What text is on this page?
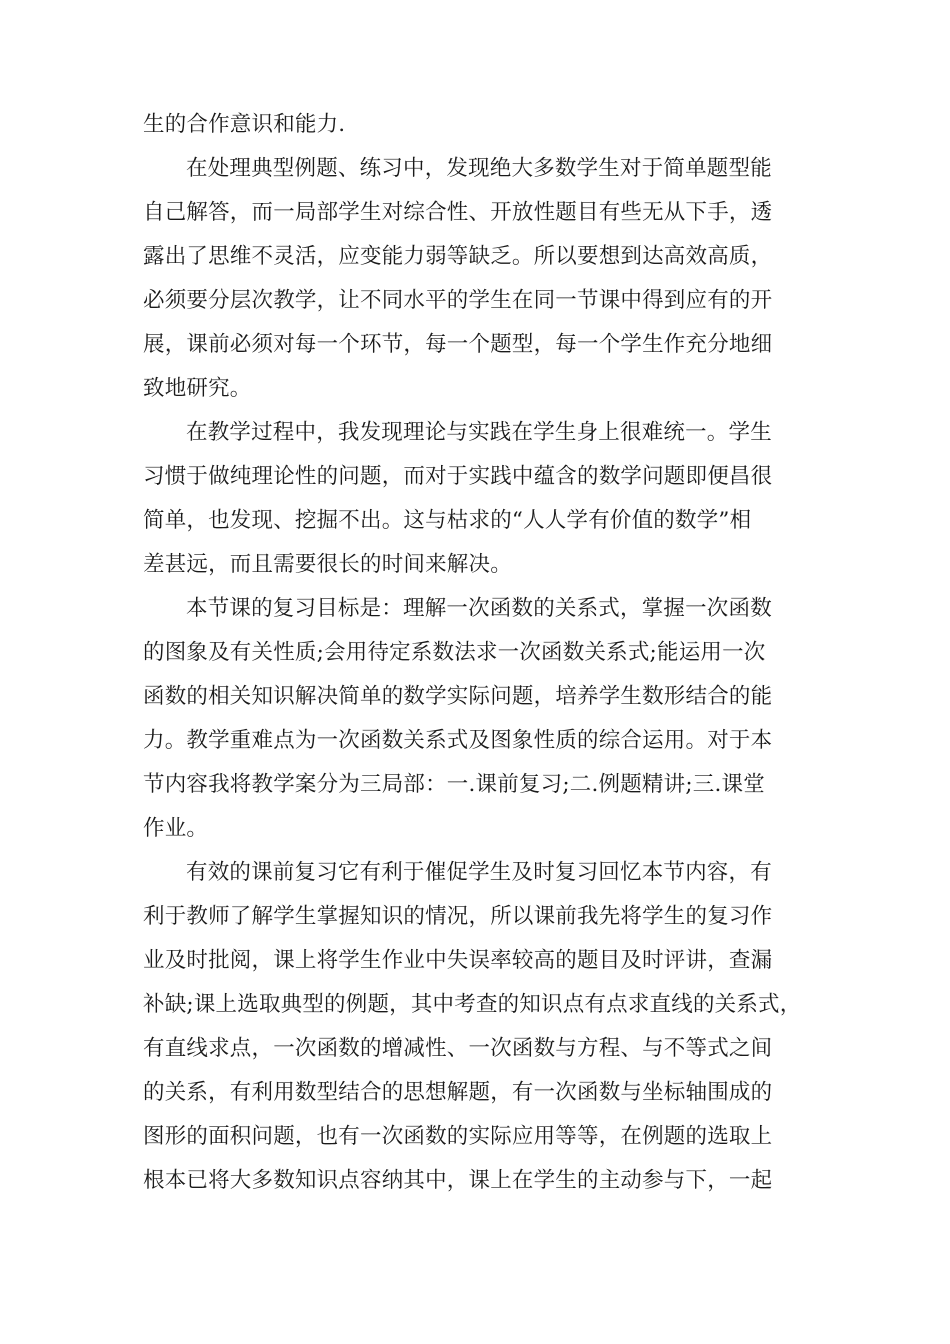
生的合作意识和能力.
在处理典型例题、练习中，发现绝大多数学生对于简单题型能
自己解答，而一局部学生对综合性、开放性题目有些无从下手，透
露出了思维不灵活，应变能力弱等缺乏。所以要想到达高效高质，
必须要分层次教学，让不同水平的学生在同一节课中得到应有的开
展，课前必须对每一个环节，每一个题型，每一个学生作充分地细
致地研究。
在教学过程中，我发现理论与实践在学生身上很难统一。学生
习惯于做纯理论性的问题，而对于实践中蕴含的数学问题即便昌很
简单，也发现、挖掘不出。这与枯求的“人人学有价值的数学”相
差甚远，而且需要很长的时间来解决。
本节课的复习目标是：理解一次函数的关系式，掌握一次函数
的图象及有关性质;会用待定系数法求一次函数关系式;能运用一次
函数的相关知识解决简单的数学实际问题，培养学生数形结合的能
力。教学重难点为一次函数关系式及图象性质的综合运用。对于本
节内容我将教学案分为三局部：一.课前复习;二.例题精讲;三.课堂
作业。
有效的课前复习它有利于催促学生及时复习回忆本节内容，有
利于教师了解学生掌握知识的情况，所以课前我先将学生的复习作
业及时批阅，课上将学生作业中失误率较高的题目及时评讲，查漏
补缺;课上选取典型的例题，其中考查的知识点有点求直线的关系式，
有直线求点，一次函数的增减性、一次函数与方程、与不等式之间
的关系，有利用数型结合的思想解题，有一次函数与坐标轴围成的
图形的面积问题，也有一次函数的实际应用等等，在例题的选取上
根本已将大多数知识点容纳其中，课上在学生的主动参与下，一起
